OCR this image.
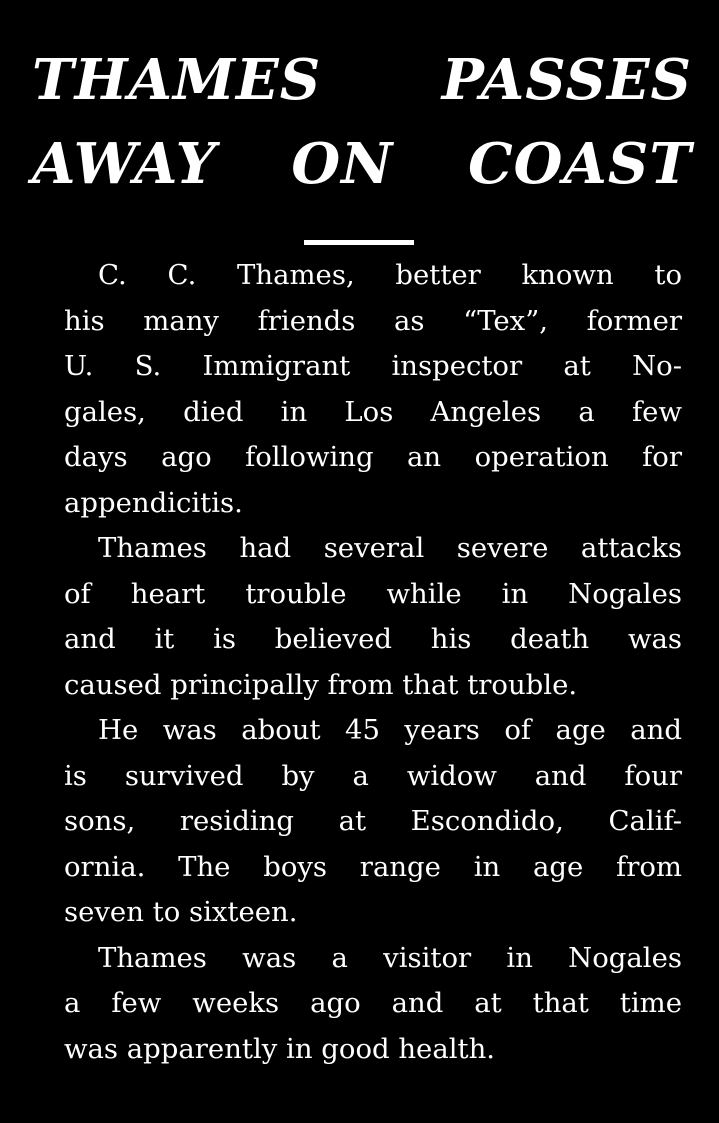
THAMES PASSES
AWAY ON COAST
C. C. Thames, better known to
his many friends as “Tex”, former
U. S. Immigrant inspector at No-
gales, died in Los Angeles a few
days ago following an operation for
appendicitis.
Thames had several severe attacks
of heart trouble while in Nogales
and it is believed his death was
caused principally from that trouble.
He was about 45 years of age and
is survived by a widow and four
sons, residing at Escondido, Calif-
ornia. The boys range in age from
seven to sixteen.
Thames was a visitor in Nogales
a few weeks ago and at that time
was apparently in good health.
